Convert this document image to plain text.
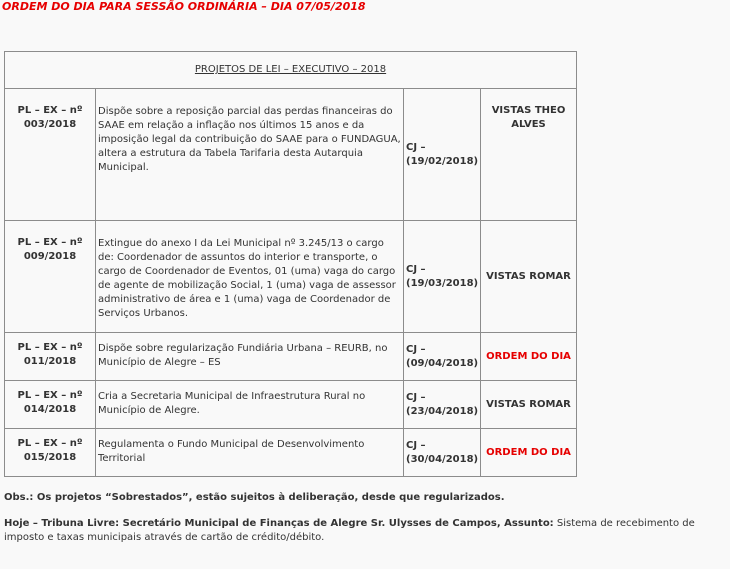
ORDEM DO DIA PARA SESSÃO ORDINÁRIA – DIA 07/05/2018
PROJETOS DE LEI – EXECUTIVO – 2018			
PL – EX – nº 003/2018	Dispõe sobre a reposição parcial das perdas financeiras do SAAE em relação a inflação nos últimos 15 anos e da imposição legal da contribuição do SAAE para o FUNDAGUA, altera a estrutura da Tabela Tarifaria desta Autarquia Municipal.	CJ – (19/02/2018)	VISTAS THEO ALVES
PL – EX – nº 009/2018	Extingue do anexo I da Lei Municipal nº 3.245/13 o cargo de: Coordenador de assuntos do interior e transporte, o cargo de Coordenador de Eventos, 01 (uma) vaga do cargo de agente de mobilização Social, 1 (uma) vaga de assessor administrativo de área e 1 (uma) vaga de Coordenador de Serviços Urbanos.	CJ – (19/03/2018)	VISTAS ROMAR
PL – EX – nº 011/2018	Dispõe sobre regularização Fundiária Urbana – REURB, no Município de Alegre – ES	CJ – (09/04/2018)	ORDEM DO DIA
PL – EX – nº 014/2018	Cria a Secretaria Municipal de Infraestrutura Rural no Município de Alegre.	CJ – (23/04/2018)	VISTAS ROMAR
PL – EX – nº 015/2018	Regulamenta o Fundo Municipal de Desenvolvimento Territorial	CJ – (30/04/2018)	ORDEM DO DIA
Obs.: Os projetos “Sobrestados”, estão sujeitos à deliberação, desde que regularizados.
Hoje – Tribuna Livre: Secretário Municipal de Finanças de Alegre Sr. Ulysses de Campos, Assunto: Sistema de recebimento de imposto e taxas municipais através de cartão de crédito/débito.
